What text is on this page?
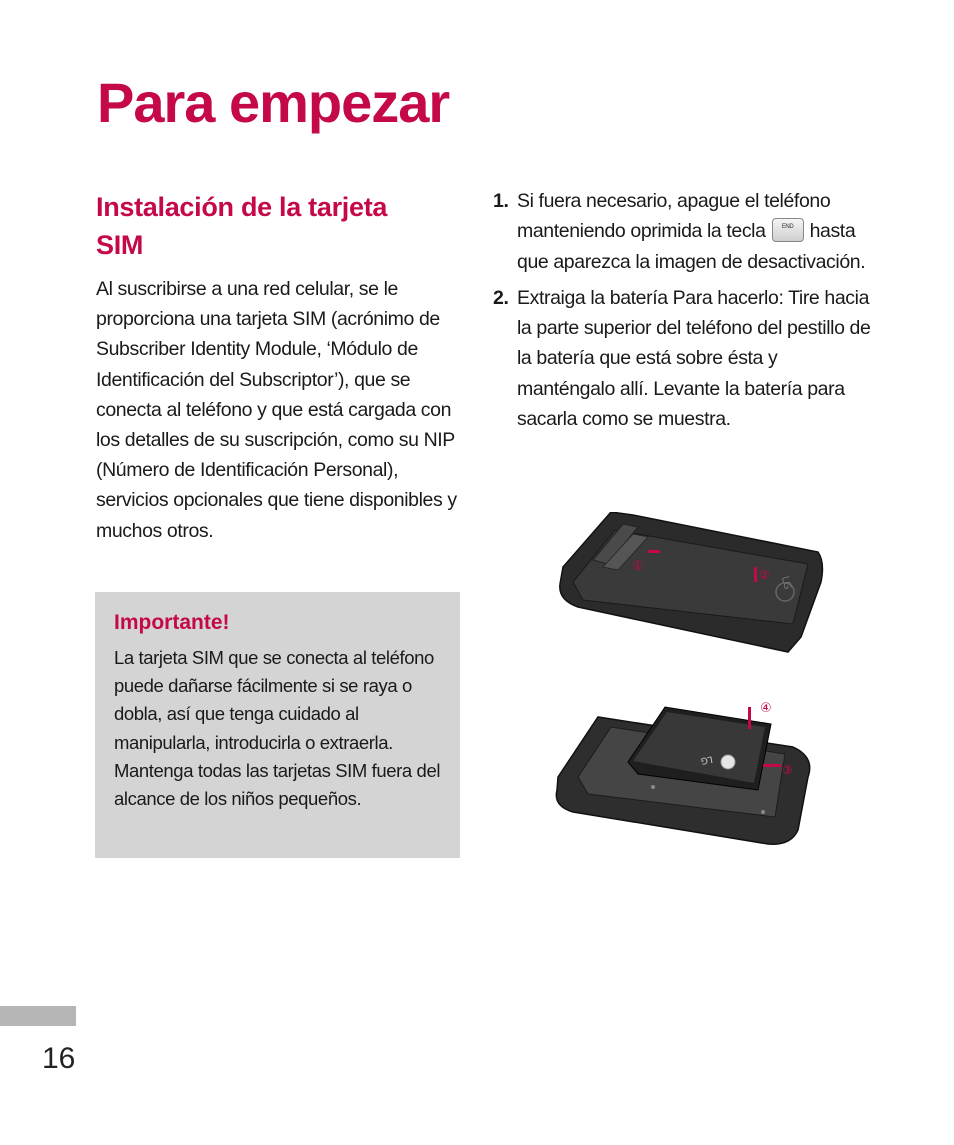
Para empezar
Instalación de la tarjeta SIM

Al suscribirse a una red celular, se le proporciona una tarjeta SIM (acrónimo de Subscriber Identity Module, ‘Módulo de Identificación del Subscriptor’), que se conecta al teléfono y que está cargada con los detalles de su suscripción, como su NIP (Número de Identificación Personal), servicios opcionales que tiene disponibles y muchos otros.

Importante!

La tarjeta SIM que se conecta al teléfono puede dañarse fácilmente si se raya o dobla, así que tenga cuidado al manipularla, introducirla o extraerla. Mantenga todas las tarjetas SIM fuera del alcance de los niños pequeños.

1. Si fuera necesario, apague el teléfono manteniendo oprimida la tecla	END hasta que aparezca la imagen de desactivación.
2. Extraiga la batería Para hacerlo: Tire hacia la parte superior del teléfono del pestillo de la batería que está sobre ésta y manténgalo allí. Levante la batería para sacarla como se muestra.
①
②
LG
LG
④
③

16
